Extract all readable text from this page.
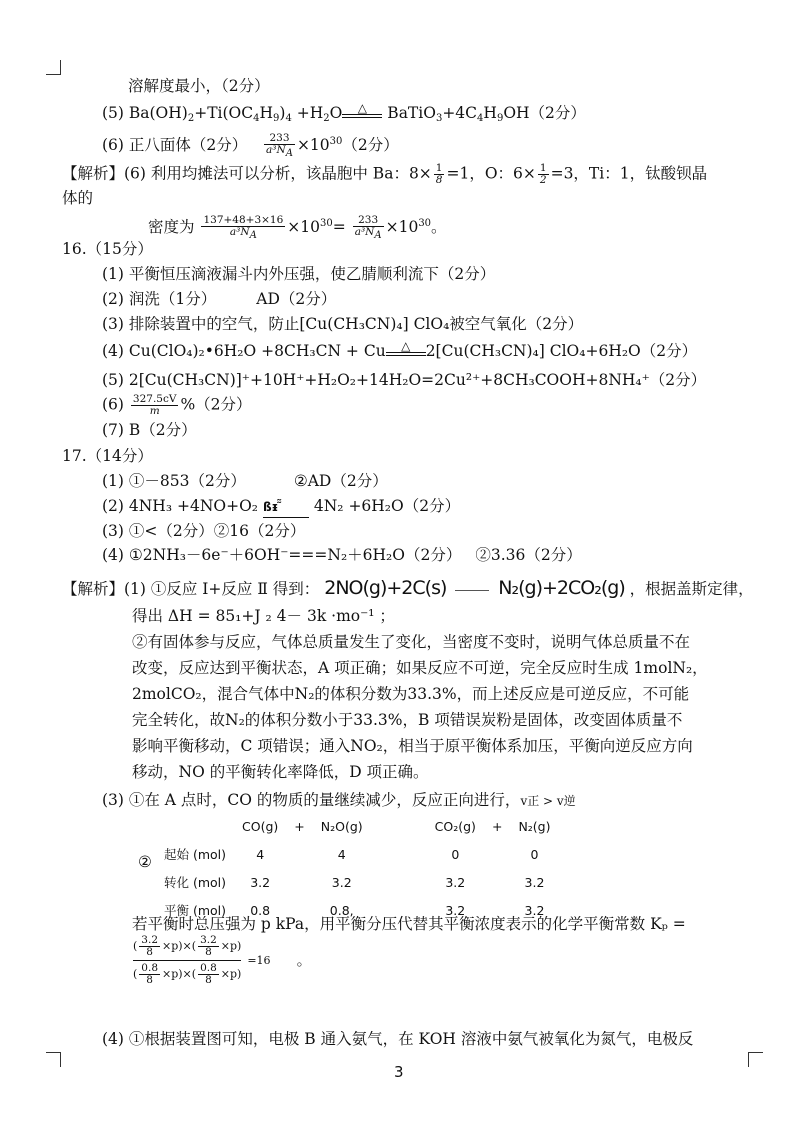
溶解度最小，（2分）
(5) $Ba(OH)_2+Ti(OC_4H_9)_4 +H_2O$ △ $BaTiO_3+4C_4H_9OH(2$分）
(6) 正八面体（2分） $\frac{233}{a^3N_A} \times 10^{30}(2$分）
【解析】(6) 利用均摊法可以分析，该晶胞中 Ba：$8\times \frac{1}{8} =1$，O：$6\times \frac{1}{2} =3$，Ti：1，钛酸钡晶
体的
密度为 $\frac{137+48+3\times 16}{a^3N_A} \times 10^{30}= \frac{233}{a^3N_A} \times 10^{30}$。
16.（15分）
(1) 平衡恒压滴液漏斗内外压强，使乙腈顺利流下（2分）
(2) 润洗（1分）	AD（2分）
(3) 排除装置中的空气，防止[Cu(CH₃CN)₄] ClO₄被空气氧化（2分）
(4) Cu(ClO₄)₂•6H₂O +8CH₃CN + Cu △ 2[Cu(CH₃CN)₄] ClO₄+6H₂O（2分）
(5) 2[Cu(CH₃CN)]⁺+10H⁺+H₂O₂+14H₂O=2Cu²⁺+8CH₃COOH+8NH₄⁺（2分）
$(6) \frac{327.5cV}{m} \%(2$分）
(7) B（2分）
17.（14分）
(1) ①－853（2分）	②AD（2分）
(2) 4NH₃ +4NO+O₂ ßᵻ ̃̃ 4N₂ +6H₂O（2分）
(3) ①<（2分）②16（2分）
(4) ①2NH₃－6e⁻＋6OH⁻===N₂＋6H₂O（2分） ②3.36（2分）
【解析】(1) ①反应 Ⅰ+反应 Ⅱ 得到： 2NO(g)+2C(s)	N₂(g)+2CO₂(g) ，根据盖斯定律，
得出 ΔH = 85₁+J ₂ 4－ 3k ·mo⁻¹ ；
②有固体参与反应，气体总质量发生了变化，当密度不变时，说明气体总质量不在
改变，反应达到平衡状态，A 项正确；如果反应不可逆，完全反应时生成 1molN₂，
2molCO₂，混合气体中N₂的体积分数为33.3%，而上述反应是可逆反应，不可能
完全转化，故N₂的体积分数小于33.3%，B 项错误炭粉是固体，改变固体质量不
影响平衡移动，C 项错误；通入NO₂，相当于原平衡体系加压，平衡向逆反应方向
移动，NO 的平衡转化率降低，D 项正确。
(3) ①在 A 点时，CO 的物质的量继续减少，反应正向进行，v正 > v逆
②
	CO(g)	+	N₂O(g)		CO₂(g)	+	N₂(g)
起始 (mol)	4		4		0		0
转化 (mol)	3.2		3.2		3.2		3.2
平衡 (mol)	0.8		0.8,		3.2		3.2
若平衡时总压强为 p kPa，用平衡分压代替其平衡浓度表示的化学平衡常数 Kₚ =
$\frac{( \frac{3.2}{8} \times p)\times( \frac{3.2}{8} \times p)}{( \frac{0.8}{8} \times p)\times( \frac{0.8}{8} \times p)} =16$ 。
(4) ①根据装置图可知，电极 B 通入氨气，在 KOH 溶液中氨气被氧化为氮气，电极反
3
